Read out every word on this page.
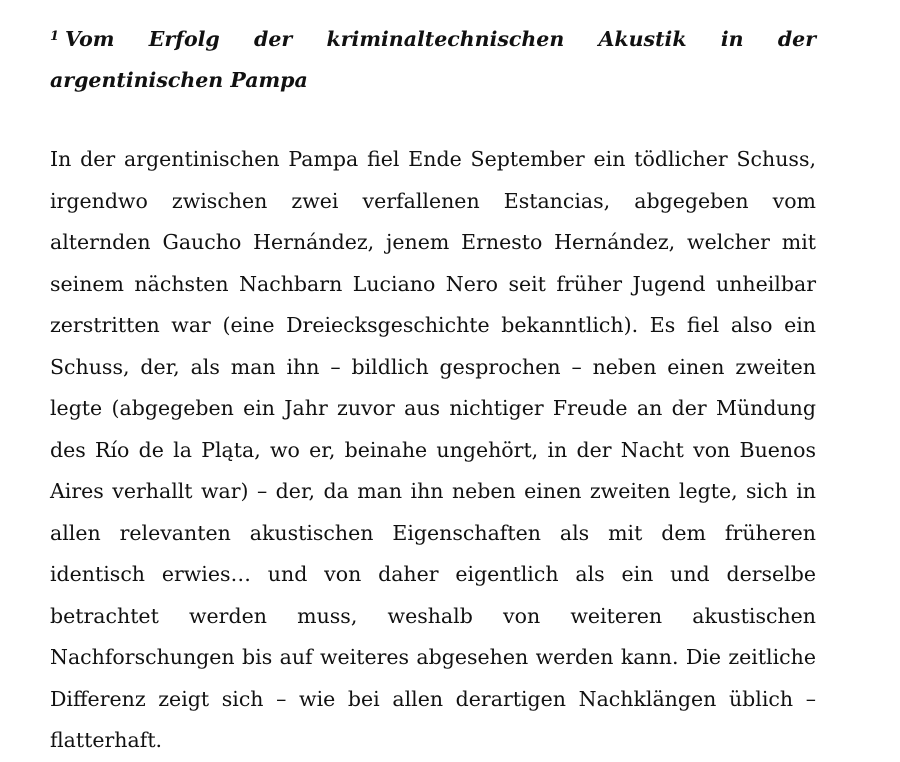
$^1$ Vom Erfolg der kriminaltechnischen Akustik in der argentinischen Pampa

In der argentinischen Pampa fiel Ende September ein tödlicher Schuss, irgendwo zwischen zwei verfallenen Estancias, abgegeben vom alternden Gaucho Hernández, jenem Ernesto Hernández, welcher mit seinem nächsten Nachbarn Luciano Nero seit früher Jugend unheilbar zerstritten war (eine Dreiecksgeschichte bekanntlich). Es fiel also ein Schuss, der, als man ihn – bildlich gesprochen – neben einen zweiten legte (abgegeben ein Jahr zuvor aus nichtiger Freude an der Mündung des Río de la Pląta, wo er, beinahe ungehört, in der Nacht von Buenos Aires verhallt war) – der, da man ihn neben einen zweiten legte, sich in allen relevanten akustischen Eigenschaften als mit dem früheren identisch erwies… und von daher eigentlich als ein und derselbe betrachtet werden muss, weshalb von weiteren akustischen Nachforschungen bis auf weiteres abgesehen werden kann. Die zeitliche Differenz zeigt sich – wie bei allen derartigen Nachklängen üblich – flatterhaft.
